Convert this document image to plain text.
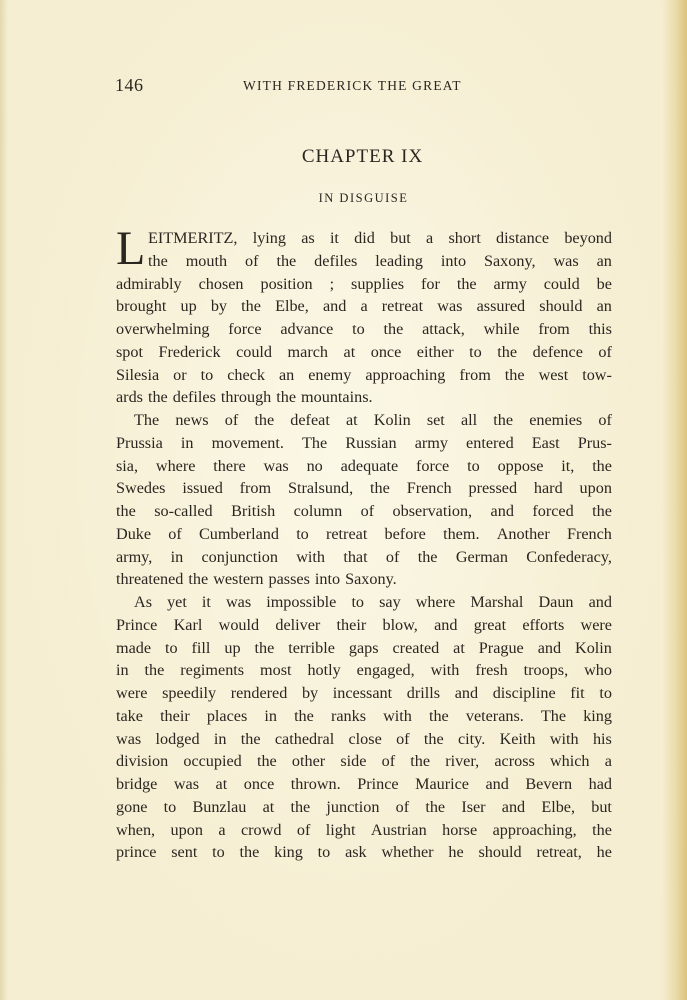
146	WITH FREDERICK THE GREAT
CHAPTER IX
IN DISGUISE
L EITMERITZ, lying as it did but a short distance beyond
the mouth of the defiles leading into Saxony, was an
admirably chosen position ; supplies for the army could be
brought up by the Elbe, and a retreat was assured should an
overwhelming force advance to the attack, while from this
spot Frederick could march at once either to the defence of
Silesia or to check an enemy approaching from the west tow-
ards the defiles through the mountains.
The news of the defeat at Kolin set all the enemies of
Prussia in movement. The Russian army entered East Prus-
sia, where there was no adequate force to oppose it, the
Swedes issued from Stralsund, the French pressed hard upon
the so-called British column of observation, and forced the
Duke of Cumberland to retreat before them. Another French
army, in conjunction with that of the German Confederacy,
threatened the western passes into Saxony.
As yet it was impossible to say where Marshal Daun and
Prince Karl would deliver their blow, and great efforts were
made to fill up the terrible gaps created at Prague and Kolin
in the regiments most hotly engaged, with fresh troops, who
were speedily rendered by incessant drills and discipline fit to
take their places in the ranks with the veterans. The king
was lodged in the cathedral close of the city. Keith with his
division occupied the other side of the river, across which a
bridge was at once thrown. Prince Maurice and Bevern had
gone to Bunzlau at the junction of the Iser and Elbe, but
when, upon a crowd of light Austrian horse approaching, the
prince sent to the king to ask whether he should retreat, he
